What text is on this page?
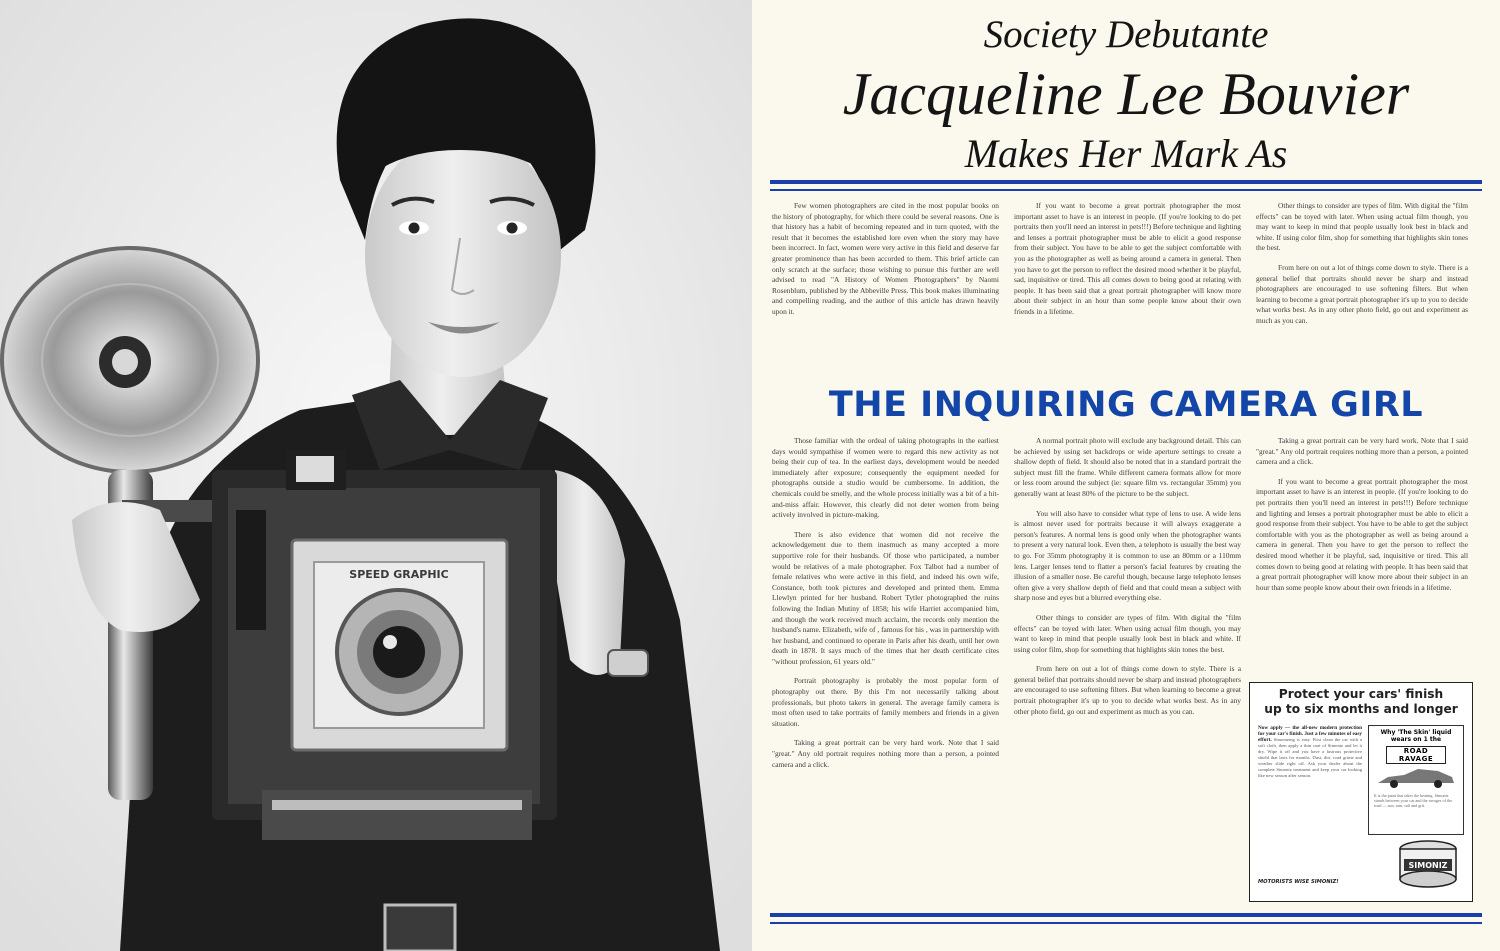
SPEED GRAPHIC
Society Debutante
Jacqueline Lee Bouvier
Makes Her Mark As

Few women photographers are cited in the most popular books on the history of photography, for which there could be several reasons. One is that history has a habit of becoming repeated and in turn quoted, with the result that it becomes the established lore even when the story may have been incorrect. In fact, women were very active in this field and deserve far greater prominence than has been accorded to them. This brief article can only scratch at the surface; those wishing to pursue this further are well advised to read "A History of Women Photographers" by Naomi Rosenblum, published by the Abbeville Press. This book makes illuminating and compelling reading, and the author of this article has drawn heavily upon it.

If you want to become a great portrait photographer the most important asset to have is an interest in people. (If you're looking to do pet portraits then you'll need an interest in pets!!!) Before technique and lighting and lenses a portrait photographer must be able to elicit a good response from their subject. You have to be able to get the subject comfortable with you as the photographer as well as being around a camera in general. Then you have to get the person to reflect the desired mood whether it be playful, sad, inquisitive or tired. This all comes down to being good at relating with people. It has been said that a great portrait photographer will know more about their subject in an hour than some people know about their own friends in a lifetime.

Other things to consider are types of film. With digital the "film effects" can be toyed with later. When using actual film though, you may want to keep in mind that people usually look best in black and white. If using color film, shop for something that highlights skin tones the best.

From here on out a lot of things come down to style. There is a general belief that portraits should never be sharp and instead photographers are encouraged to use softening filters. But when learning to become a great portrait photographer it's up to you to decide what works best. As in any other photo field, go out and experiment as much as you can.

THE INQUIRING CAMERA GIRL

Those familiar with the ordeal of taking photographs in the earliest days would sympathise if women were to regard this new activity as not being their cup of tea. In the earliest days, development would be needed immediately after exposure; consequently the equipment needed for photographs outside a studio would be cumbersome. In addition, the chemicals could be smelly, and the whole process initially was a bit of a hit-and-miss affair. However, this clearly did not deter women from being actively involved in picture-making.

There is also evidence that women did not receive the acknowledgement due to them inasmuch as many accepted a more supportive role for their husbands. Of those who participated, a number would be relatives of a male photographer. Fox Talbot had a number of female relatives who were active in this field, and indeed his own wife, Constance, both took pictures and developed and printed them. Emma Llewlyn printed for her husband. Robert Tytler photographed the ruins following the Indian Mutiny of 1858; his wife Harriet accompanied him, and though the work received much acclaim, the records only mention the husband's name. Elizabeth, wife of , famous for his , was in partnership with her husband, and continued to operate in Paris after his death, until her own death in 1878. It says much of the times that her death certificate cites "without profession, 61 years old."

Portrait photography is probably the most popular form of photography out there. By this I'm not necessarily talking about professionals, but photo takers in general. The average family camera is most often used to take portraits of family members and friends in a given situation.

Taking a great portrait can be very hard work. Note that I said "great." Any old portrait requires nothing more than a person, a pointed camera and a click.

A normal portrait photo will exclude any background detail. This can be achieved by using set backdrops or wide aperture settings to create a shallow depth of field. It should also be noted that in a standard portrait the subject must fill the frame. While different camera formats allow for more or less room around the subject (ie: square film vs. rectangular 35mm) you generally want at least 80% of the picture to be the subject.

You will also have to consider what type of lens to use. A wide lens is almost never used for portraits because it will always exaggerate a person's features. A normal lens is good only when the photographer wants to present a very natural look. Even then, a telephoto is usually the best way to go. For 35mm photography it is common to use an 80mm or a 110mm lens. Larger lenses tend to flatter a person's facial features by creating the illusion of a smaller nose. Be careful though, because large telephoto lenses often give a very shallow depth of field and that could mean a subject with sharp nose and eyes but a blurred everything else.

Other things to consider are types of film. With digital the "film effects" can be toyed with later. When using actual film though, you may want to keep in mind that people usually look best in black and white. If using color film, shop for something that highlights skin tones the best.

From here on out a lot of things come down to style. There is a general belief that portraits should never be sharp and instead photographers are encouraged to use softening filters. But when learning to become a great portrait photographer it's up to you to decide what works best. As in any other photo field, go out and experiment as much as you can.

Taking a great portrait can be very hard work. Note that I said "great." Any old portrait requires nothing more than a person, a pointed camera and a click.

If you want to become a great portrait photographer the most important asset to have is an interest in people. (If you're looking to do pet portraits then you'll need an interest in pets!!!) Before technique and lighting and lenses a portrait photographer must be able to elicit a good response from their subject. You have to be able to get the subject comfortable with you as the photographer as well as being around a camera in general. Then you have to get the person to reflect the desired mood whether it be playful, sad, inquisitive or tired. This all comes down to being good at relating with people. It has been said that a great portrait photographer will know more about their subject in an hour than some people know about their own friends in a lifetime.

Protect your cars' finish
up to six months and longer
Now apply — the all-new modern protection for your car's finish. Just a few minutes of easy effort. Simonizing is easy. First clean the car with a soft cloth, then apply a thin coat of Simoniz and let it dry. Wipe it off and you have a lustrous protective shield that lasts for months. Dust, dirt, road grime and weather slide right off. Ask your dealer about the complete Simoniz treatment and keep your car looking like new season after season.
Why 'The Skin' liquid
wears on 1 the
ROAD RAVAGE
It is the paint that takes the beating. Simoniz stands between your car and the ravages of the road — sun, rain, salt and grit.
SIMONIZ
MOTORISTS WISE SIMONIZ!
